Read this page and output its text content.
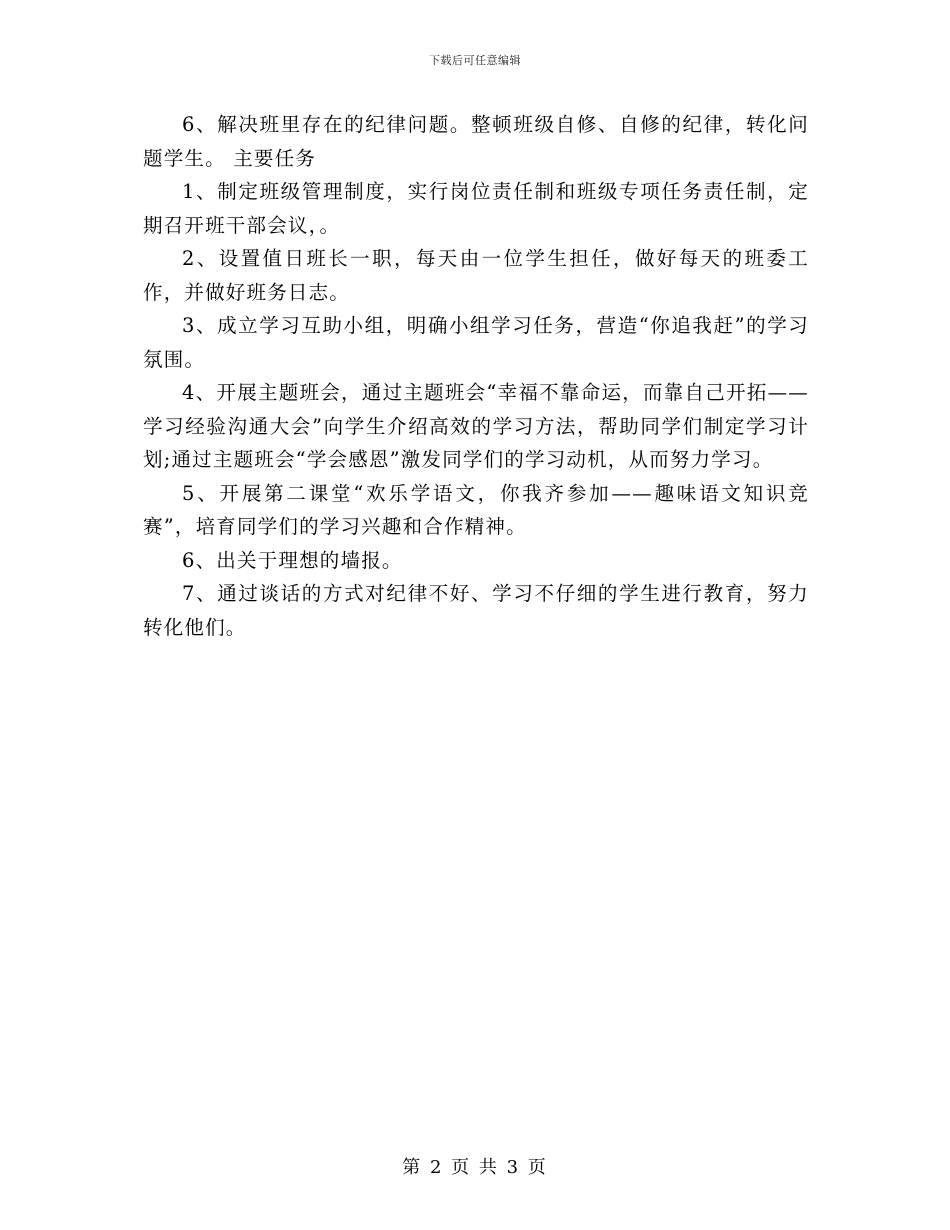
下载后可任意编辑

6、解决班里存在的纪律问题。整顿班级自修、自修的纪律，转化问题学生。 主要任务

1、制定班级管理制度，实行岗位责任制和班级专项任务责任制，定期召开班干部会议，。

2、设置值日班长一职，每天由一位学生担任，做好每天的班委工作，并做好班务日志。

3、成立学习互助小组，明确小组学习任务，营造“你追我赶”的学习氛围。

4、开展主题班会，通过主题班会“幸福不靠命运，而靠自己开拓——学习经验沟通大会”向学生介绍高效的学习方法，帮助同学们制定学习计划;通过主题班会“学会感恩”激发同学们的学习动机，从而努力学习。

5、开展第二课堂“欢乐学语文，你我齐参加——趣味语文知识竞赛”，培育同学们的学习兴趣和合作精神。

6、出关于理想的墙报。

7、通过谈话的方式对纪律不好、学习不仔细的学生进行教育，努力转化他们。

第 2 页 共 3 页
